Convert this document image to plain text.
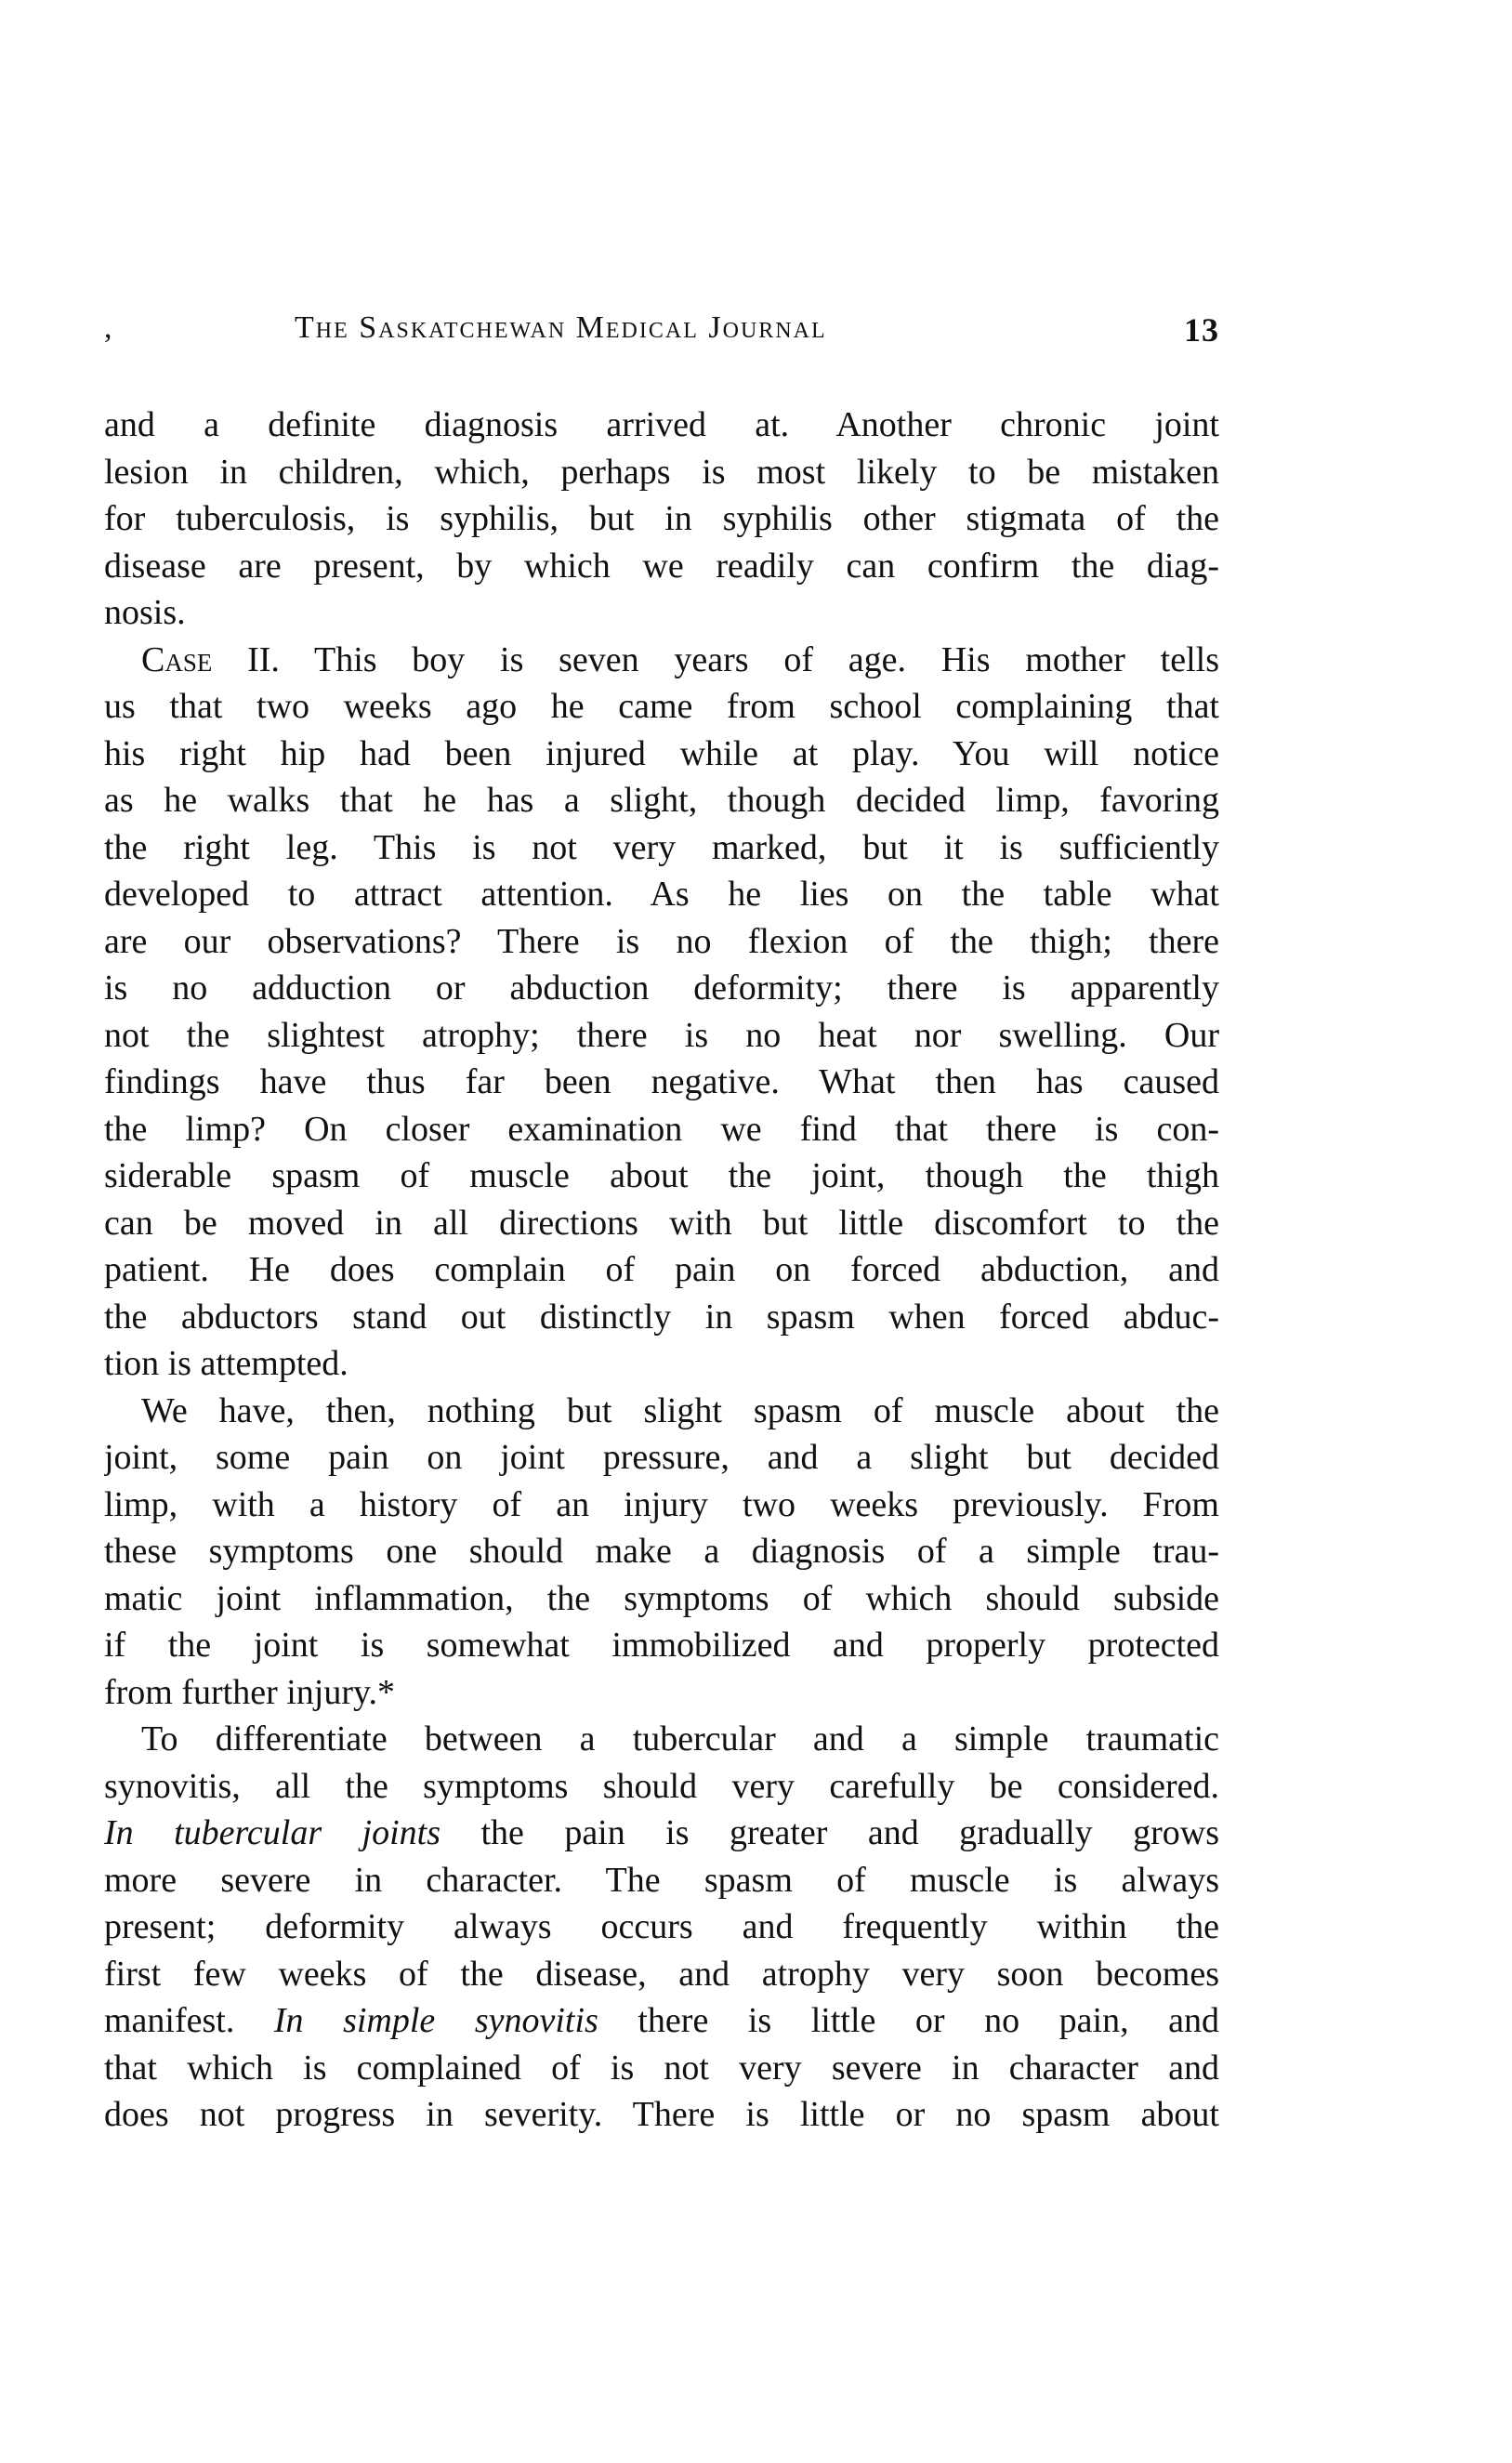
,	The Saskatchewan Medical Journal	13
and a definite diagnosis arrived at. Another chronic joint
lesion in children, which, perhaps is most likely to be mistaken
for tuberculosis, is syphilis, but in syphilis other stigmata of the
disease are present, by which we readily can confirm the diag-
nosis.
Case II. This boy is seven years of age. His mother tells
us that two weeks ago he came from school complaining that
his right hip had been injured while at play. You will notice
as he walks that he has a slight, though decided limp, favoring
the right leg. This is not very marked, but it is sufficiently
developed to attract attention. As he lies on the table what
are our observations? There is no flexion of the thigh; there
is no adduction or abduction deformity; there is apparently
not the slightest atrophy; there is no heat nor swelling. Our
findings have thus far been negative. What then has caused
the limp? On closer examination we find that there is con-
siderable spasm of muscle about the joint, though the thigh
can be moved in all directions with but little discomfort to the
patient. He does complain of pain on forced abduction, and
the abductors stand out distinctly in spasm when forced abduc-
tion is attempted.
We have, then, nothing but slight spasm of muscle about the
joint, some pain on joint pressure, and a slight but decided
limp, with a history of an injury two weeks previously. From
these symptoms one should make a diagnosis of a simple trau-
matic joint inflammation, the symptoms of which should subside
if the joint is somewhat immobilized and properly protected
from further injury.*
To differentiate between a tubercular and a simple traumatic
synovitis, all the symptoms should very carefully be considered.
In tubercular joints the pain is greater and gradually grows
more severe in character. The spasm of muscle is always
present; deformity always occurs and frequently within the
first few weeks of the disease, and atrophy very soon becomes
manifest. In simple synovitis there is little or no pain, and
that which is complained of is not very severe in character and
does not progress in severity. There is little or no spasm about
